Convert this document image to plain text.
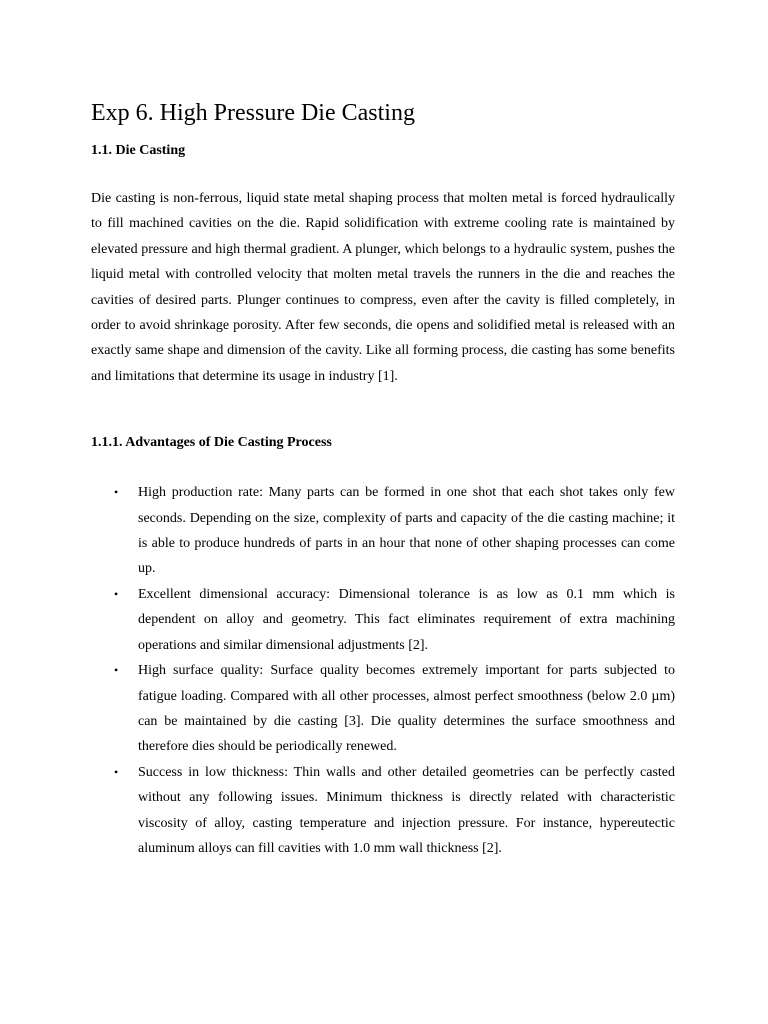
Exp 6. High Pressure Die Casting
1.1. Die Casting

Die casting is non-ferrous, liquid state metal shaping process that molten metal is forced hydraulically to fill machined cavities on the die. Rapid solidification with extreme cooling rate is maintained by elevated pressure and high thermal gradient. A plunger, which belongs to a hydraulic system, pushes the liquid metal with controlled velocity that molten metal travels the runners in the die and reaches the cavities of desired parts. Plunger continues to compress, even after the cavity is filled completely, in order to avoid shrinkage porosity. After few seconds, die opens and solidified metal is released with an exactly same shape and dimension of the cavity. Like all forming process, die casting has some benefits and limitations that determine its usage in industry [1].

1.1.1. Advantages of Die Casting Process
• High production rate: Many parts can be formed in one shot that each shot takes only few seconds. Depending on the size, complexity of parts and capacity of the die casting machine; it is able to produce hundreds of parts in an hour that none of other shaping processes can come up.
• Excellent dimensional accuracy: Dimensional tolerance is as low as 0.1 mm which is dependent on alloy and geometry. This fact eliminates requirement of extra machining operations and similar dimensional adjustments [2].
• High surface quality: Surface quality becomes extremely important for parts subjected to fatigue loading. Compared with all other processes, almost perfect smoothness (below 2.0 µm) can be maintained by die casting [3]. Die quality determines the surface smoothness and therefore dies should be periodically renewed.
• Success in low thickness: Thin walls and other detailed geometries can be perfectly casted without any following issues. Minimum thickness is directly related with characteristic viscosity of alloy, casting temperature and injection pressure. For instance, hypereutectic aluminum alloys can fill cavities with 1.0 mm wall thickness [2].
